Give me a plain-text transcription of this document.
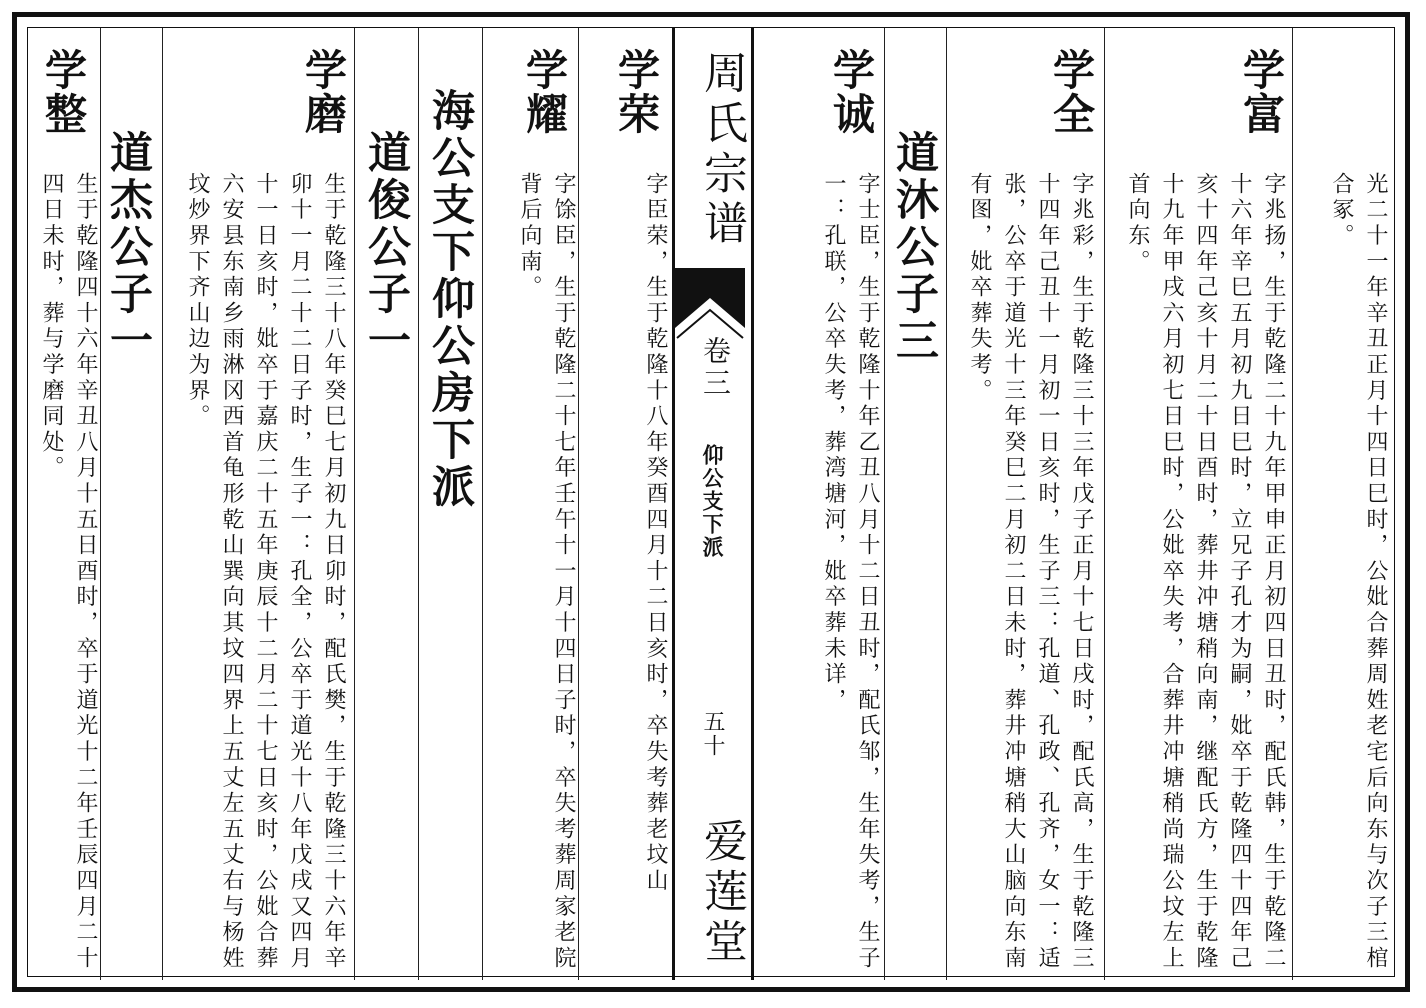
光二十一年辛丑正月十四日巳时，公妣合葬周姓老宅后向东与次子三棺合冢。
学富
字兆扬，生于乾隆二十九年甲申正月初四日丑时，配氏韩，生于乾隆二十六年辛巳五月初九日巳时，立兄子孔才为嗣，妣卒于乾隆四十四年己亥十四年己亥十月二十日酉时，葬井冲塘稍向南，继配氏方，生于乾隆十九年甲戌六月初七日巳时，公妣卒失考，合葬井冲塘稍尚瑞公坟左上首向东。
学全
字兆彩，生于乾隆三十三年戊子正月十七日戌时，配氏高，生于乾隆三十四年己丑十一月初一日亥时，生子三：孔道、孔政、孔齐，女一：适张，公卒于道光十三年癸巳二月初二日未时，葬井冲塘稍大山脑向东南有图，妣卒葬失考。
道沐公子三
学诚
字士臣，生于乾隆十年乙丑八月十二日丑时，配氏邹，生年失考，生子一：孔联，公卒失考，葬湾塘河，妣卒葬未详，
周氏宗谱
卷三
仰公支下派
五十
爱莲堂
学荣
字臣荣，生于乾隆十八年癸酉四月十二日亥时，卒失考葬老坟山
学耀
字馀臣，生于乾隆二十七年壬午十一月十四日子时，卒失考葬周家老院背后向南。
海公支下仰公房下派
道俊公子一
学磨
生于乾隆三十八年癸巳七月初九日卯时，配氏樊，生于乾隆三十六年辛卯十一月二十二日子时，生子一：孔全，公卒于道光十八年戊戌又四月十一日亥时，妣卒于嘉庆二十五年庚辰十二月二十七日亥时，公妣合葬六安县东南乡雨淋冈西首龟形乾山巽向其坟四界上五丈左五丈右与杨姓坟炒界下齐山边为界。
道杰公子一
学整
生于乾隆四十六年辛丑八月十五日酉时，卒于道光十二年壬辰四月二十四日未时，葬与学磨同处。
